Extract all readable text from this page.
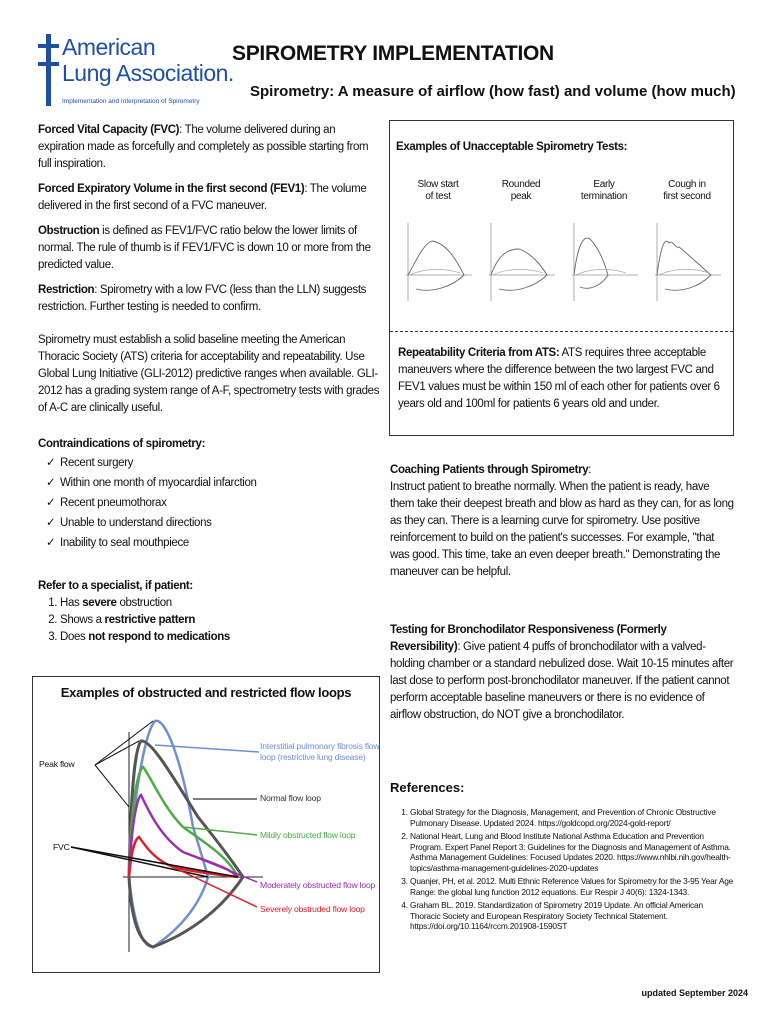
American
Lung Association.
Implementation and Interpretation of Spirometry
SPIROMETRY IMPLEMENTATION
Spirometry: A measure of airflow (how fast) and volume (how much)

Forced Vital Capacity (FVC): The volume delivered during an expiration made as forcefully and completely as possible starting from full inspiration.

Forced Expiratory Volume in the first second (FEV1): The volume delivered in the first second of a FVC maneuver.

Obstruction is defined as FEV1/FVC ratio below the lower limits of normal. The rule of thumb is if FEV1/FVC is down 10 or more from the predicted value.

Restriction: Spirometry with a low FVC (less than the LLN) suggests restriction. Further testing is needed to confirm.

Spirometry must establish a solid baseline meeting the American Thoracic Society (ATS) criteria for acceptability and repeatability. Use Global Lung Initiative (GLI-2012) predictive ranges when available. GLI-2012 has a grading system range of A-F, spectrometry tests with grades of A-C are clinically useful.

Contraindications of spirometry:
✓ Recent surgery
✓ Within one month of myocardial infarction
✓ Recent pneumothorax
✓ Unable to understand directions
✓ Inability to seal mouthpiece
Refer to a specialist, if patient:
1. Has severe obstruction
2. Shows a restrictive pattern
3. Does not respond to medications
Examples of obstructed and restricted flow loops
Peak flow
FVC
Interstitial pulmonary fibrosis flow
loop (restrictive lung disease)
Normal flow loop
Mildly obstructed flow loop
Moderately obstructed flow loop
Severely obstruded flow loop
Examples of Unacceptable Spirometry Tests:
Slow start
of test
Rounded
peak
Early
termination
Cough in
first second

Repeatability Criteria from ATS: ATS requires three acceptable maneuvers where the difference between the two largest FVC and FEV1 values must be within 150 ml of each other for patients over 6 years old and 100ml for patients 6 years old and under.

Coaching Patients through Spirometry:

Instruct patient to breathe normally. When the patient is ready, have them take their deepest breath and blow as hard as they can, for as long as they can. There is a learning curve for spirometry. Use positive reinforcement to build on the patient's successes. For example, "that was good. This time, take an even deeper breath." Demonstrating the maneuver can be helpful.

Testing for Bronchodilator Responsiveness (Formerly Reversibility): Give patient 4 puffs of bronchodilator with a valved-holding chamber or a standard nebulized dose. Wait 10-15 minutes after last dose to perform post-bronchodilator maneuver. If the patient cannot perform acceptable baseline maneuvers or there is no evidence of airflow obstruction, do NOT give a bronchodilator.

References:
1. Global Strategy for the Diagnosis, Management, and Prevention of Chronic Obstructive Pulmonary Disease. Updated 2024. https://goldcopd.org/2024-gold-report/
2. National Heart, Lung and Blood Institute National Asthma Education and Prevention Program. Expert Panel Report 3: Guidelines for the Diagnosis and Management of Asthma. Asthma Management Guidelines: Focused Updates 2020. https://www.nhlbi.nih.gov/health-topics/asthma-management-guidelines-2020-updates
3. Quanjer, PH, et al. 2012. Multi Ethnic Reference Values for Spirometry for the 3-95 Year Age Range: the global lung function 2012 equations. Eur Respir J 40(6): 1324-1343.
4. Graham BL. 2019. Standardization of Spirometry 2019 Update. An official American Thoracic Society and European Respiratory Society Technical Statement. https://doi.org/10.1164/rccm.201908-1590ST
updated September 2024
